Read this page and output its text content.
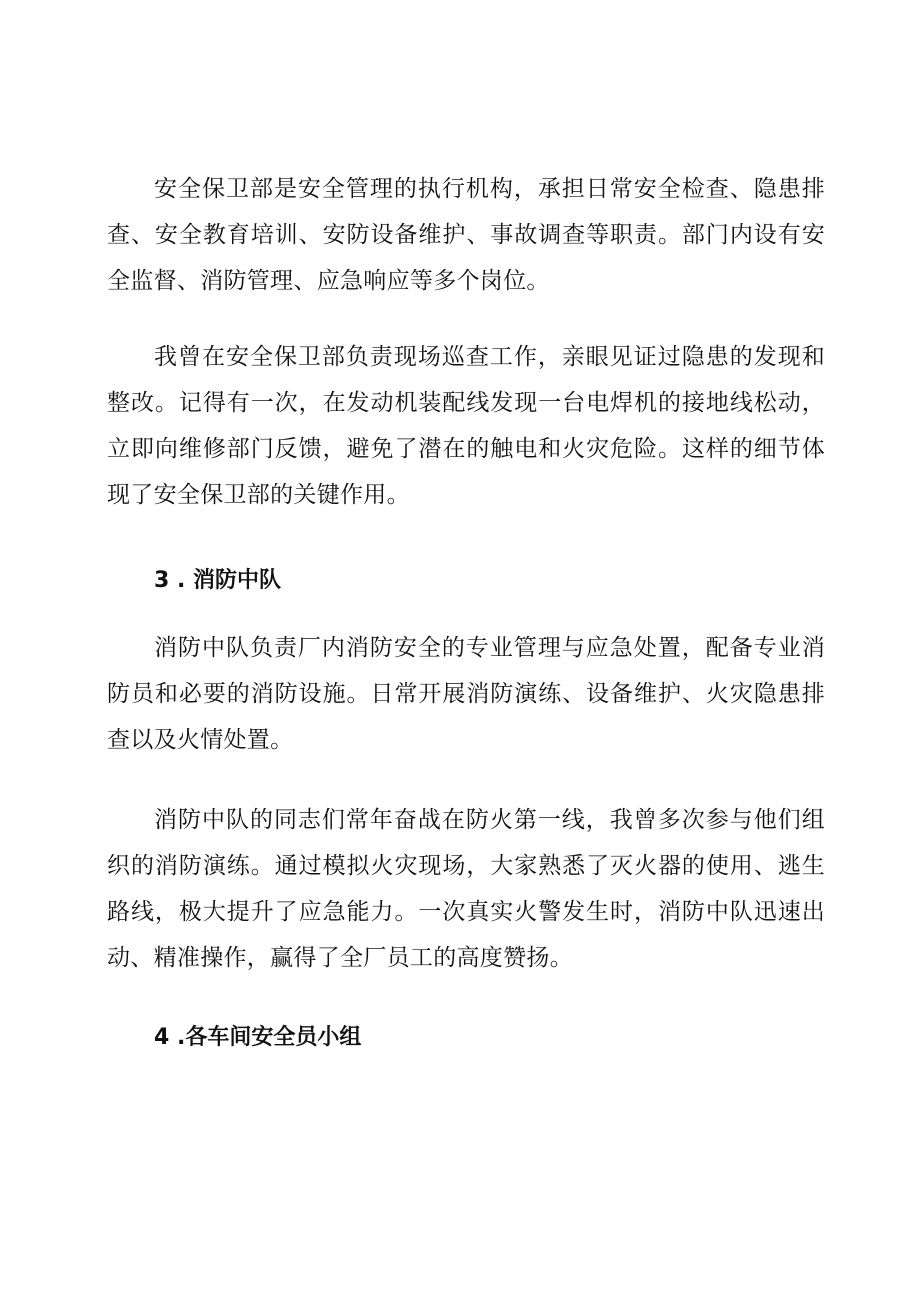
安全保卫部是安全管理的执行机构，承担日常安全检查、隐患排查、安全教育培训、安防设备维护、事故调查等职责。部门内设有安全监督、消防管理、应急响应等多个岗位。

我曾在安全保卫部负责现场巡查工作，亲眼见证过隐患的发现和整改。记得有一次，在发动机装配线发现一台电焊机的接地线松动，立即向维修部门反馈，避免了潜在的触电和火灾危险。这样的细节体现了安全保卫部的关键作用。

3 . 消防中队

消防中队负责厂内消防安全的专业管理与应急处置，配备专业消防员和必要的消防设施。日常开展消防演练、设备维护、火灾隐患排查以及火情处置。

消防中队的同志们常年奋战在防火第一线，我曾多次参与他们组织的消防演练。通过模拟火灾现场，大家熟悉了灭火器的使用、逃生路线，极大提升了应急能力。一次真实火警发生时，消防中队迅速出动、精准操作，赢得了全厂员工的高度赞扬。

4 .各车间安全员小组
